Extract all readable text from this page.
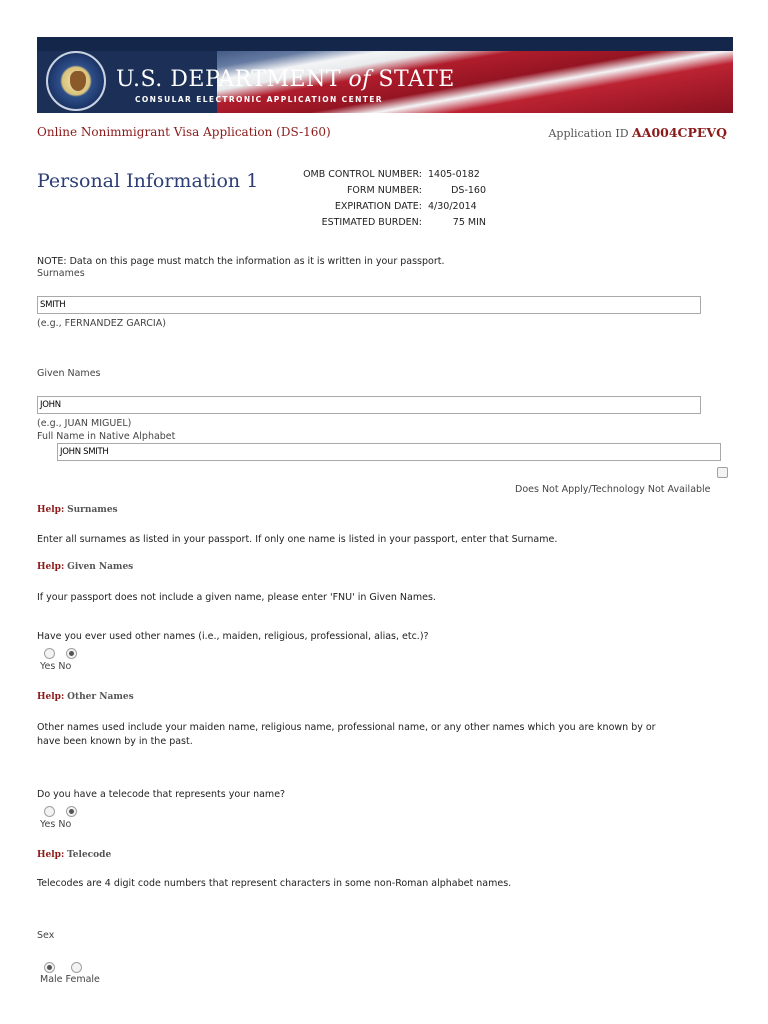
U.S. DEPARTMENT of STATE
CONSULAR ELECTRONIC APPLICATION CENTER
Online Nonimmigrant Visa Application (DS-160)	Application ID AA004CPEVQ
Personal Information 1	OMB CONTROL NUMBER: 1405-0182
FORM NUMBER:	DS-160
EXPIRATION DATE: 4/30/2014
ESTIMATED BURDEN:	75 MIN
NOTE: Data on this page must match the information as it is written in your passport.
Surnames
SMITH
(e.g., FERNANDEZ GARCIA)
Given Names
JOHN
(e.g., JUAN MIGUEL)
Full Name in Native Alphabet
JOHN SMITH
Does Not Apply/Technology Not Available
Help: Surnames
Enter all surnames as listed in your passport. If only one name is listed in your passport, enter that Surname.
Help: Given Names
If your passport does not include a given name, please enter 'FNU' in Given Names.
Have you ever used other names (i.e., maiden, religious, professional, alias, etc.)?
Yes No
Help: Other Names
Other names used include your maiden name, religious name, professional name, or any other names which you are known by or
have been known by in the past.
Do you have a telecode that represents your name?
Yes No
Help: Telecode
Telecodes are 4 digit code numbers that represent characters in some non-Roman alphabet names.
Sex
Male Female
